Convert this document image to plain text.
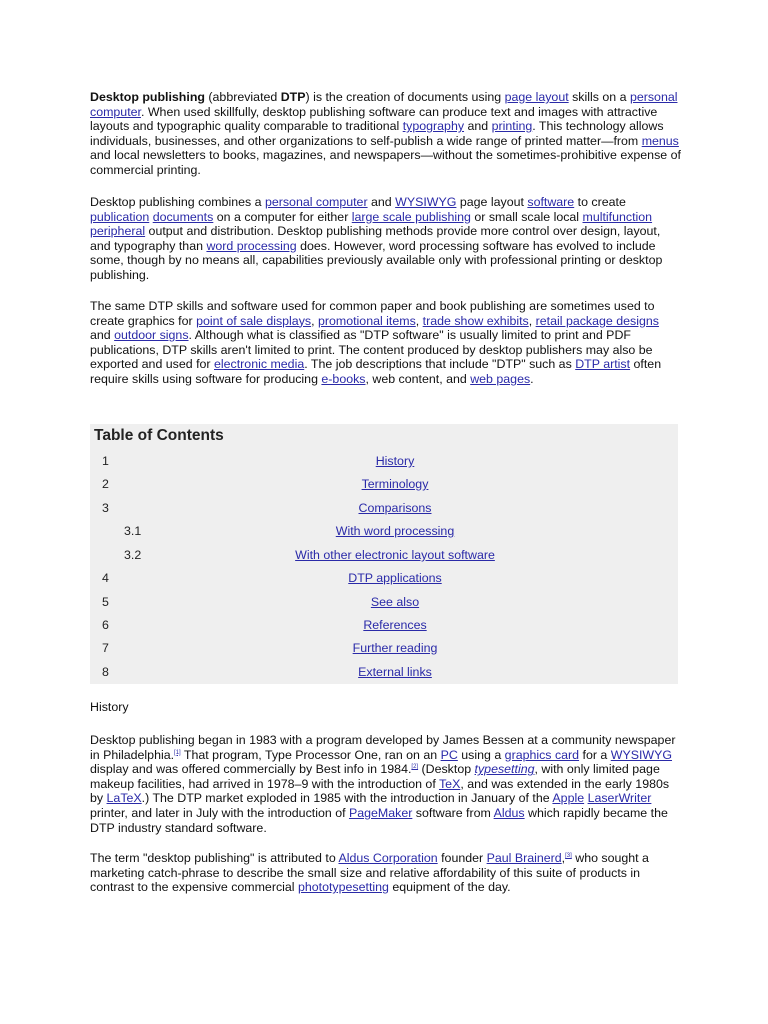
Desktop publishing (abbreviated DTP) is the creation of documents using page layout skills on a personal computer. When used skillfully, desktop publishing software can produce text and images with attractive layouts and typographic quality comparable to traditional typography and printing. This technology allows individuals, businesses, and other organizations to self-publish a wide range of printed matter—from menus and local newsletters to books, magazines, and newspapers—without the sometimes-prohibitive expense of commercial printing.

Desktop publishing combines a personal computer and WYSIWYG page layout software to create publication documents on a computer for either large scale publishing or small scale local multifunction peripheral output and distribution. Desktop publishing methods provide more control over design, layout, and typography than word processing does. However, word processing software has evolved to include some, though by no means all, capabilities previously available only with professional printing or desktop publishing.

The same DTP skills and software used for common paper and book publishing are sometimes used to create graphics for point of sale displays, promotional items, trade show exhibits, retail package designs and outdoor signs. Although what is classified as "DTP software" is usually limited to print and PDF publications, DTP skills aren't limited to print. The content produced by desktop publishers may also be exported and used for electronic media. The job descriptions that include "DTP" such as DTP artist often require skills using software for producing e-books, web content, and web pages.

Table of Contents
1	History
2	Terminology
3	Comparisons
3.1	With word processing
3.2	With other electronic layout software
4	DTP applications
5	See also
6	References
7	Further reading
8	External links
History

Desktop publishing began in 1983 with a program developed by James Bessen at a community newspaper in Philadelphia.[1] That program, Type Processor One, ran on an PC using a graphics card for a WYSIWYG display and was offered commercially by Best info in 1984.[2] (Desktop typesetting, with only limited page makeup facilities, had arrived in 1978–9 with the introduction of TeX, and was extended in the early 1980s by LaTeX.) The DTP market exploded in 1985 with the introduction in January of the Apple LaserWriter printer, and later in July with the introduction of PageMaker software from Aldus which rapidly became the DTP industry standard software.

The term "desktop publishing" is attributed to Aldus Corporation founder Paul Brainerd,[3] who sought a marketing catch-phrase to describe the small size and relative affordability of this suite of products in contrast to the expensive commercial phototypesetting equipment of the day.
